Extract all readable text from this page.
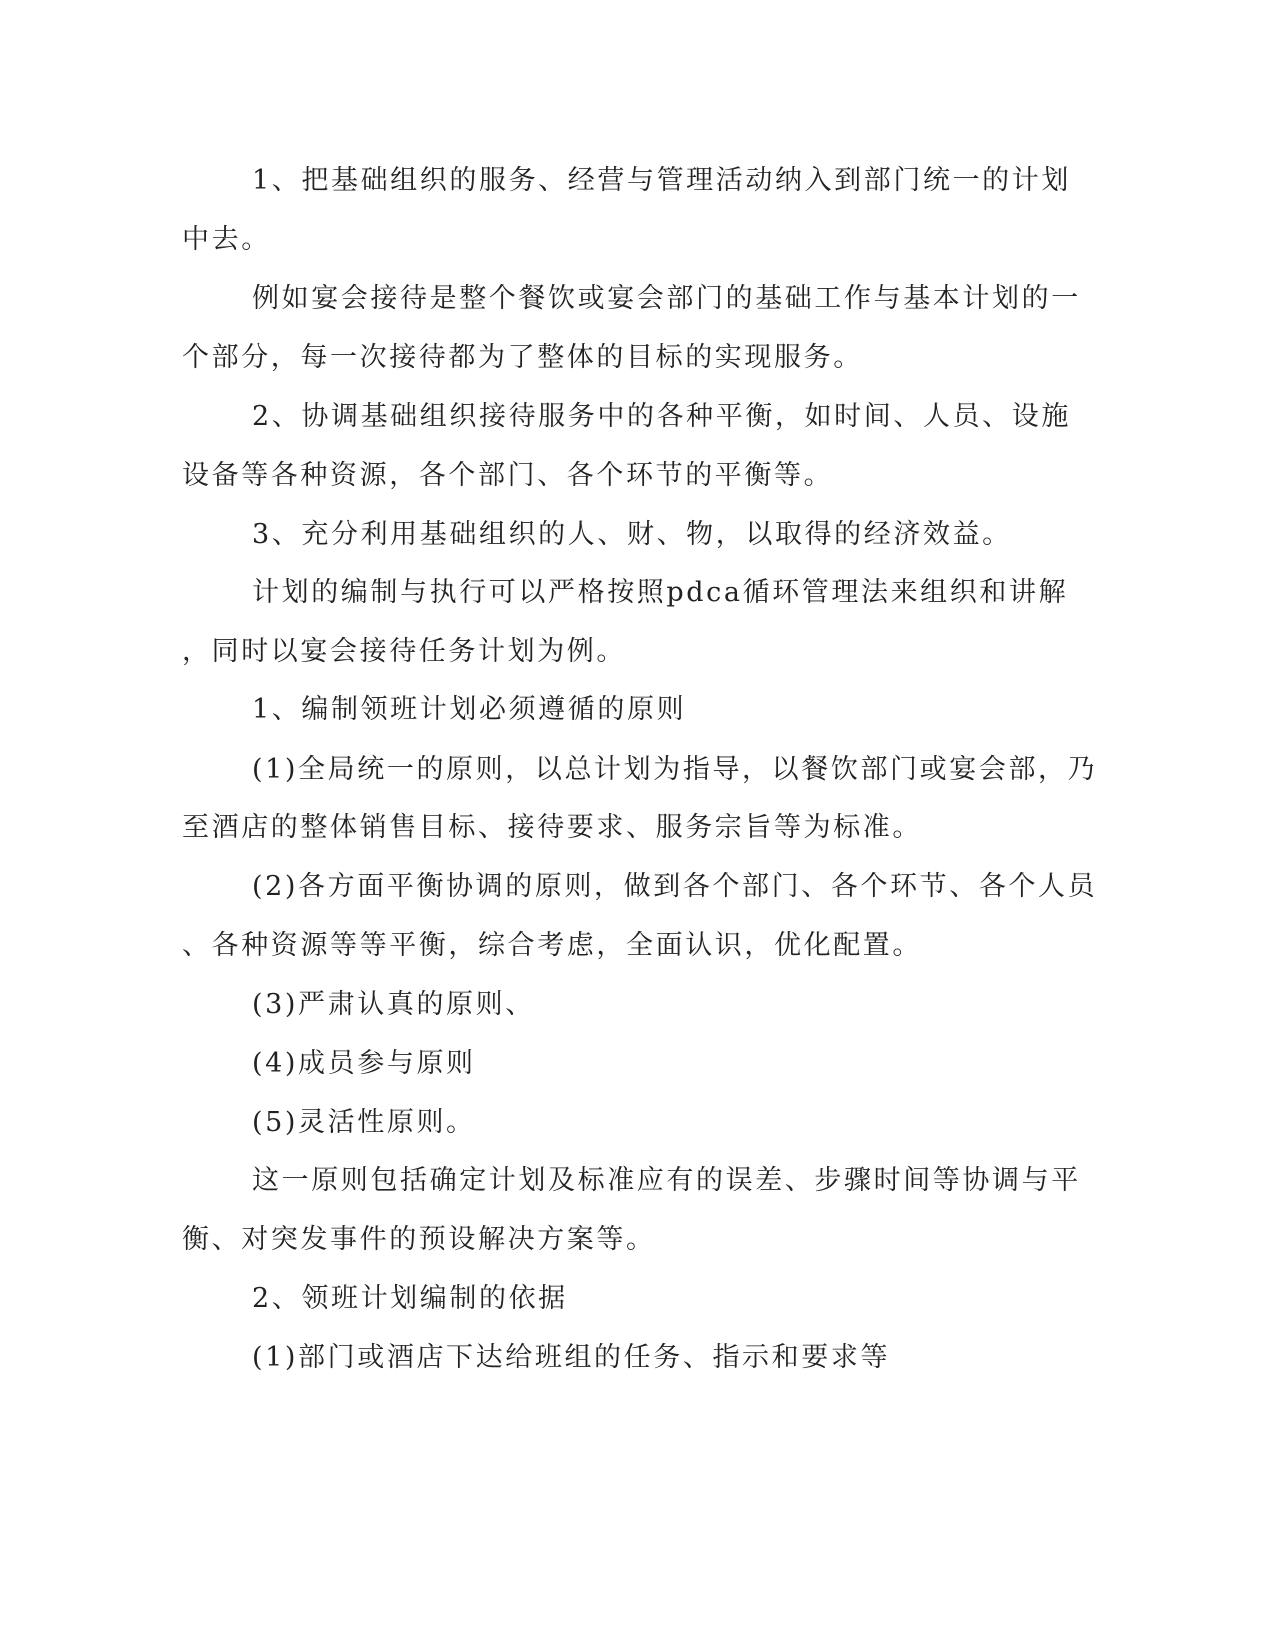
1、把基础组织的服务、经营与管理活动纳入到部门统一的计划
中去。
例如宴会接待是整个餐饮或宴会部门的基础工作与基本计划的一
个部分，每一次接待都为了整体的目标的实现服务。
2、协调基础组织接待服务中的各种平衡，如时间、人员、设施
设备等各种资源，各个部门、各个环节的平衡等。
3、充分利用基础组织的人、财、物，以取得的经济效益。
计划的编制与执行可以严格按照pdca循环管理法来组织和讲解
，同时以宴会接待任务计划为例。
1、编制领班计划必须遵循的原则
(1)全局统一的原则，以总计划为指导，以餐饮部门或宴会部，乃
至酒店的整体销售目标、接待要求、服务宗旨等为标准。
(2)各方面平衡协调的原则，做到各个部门、各个环节、各个人员
、各种资源等等平衡，综合考虑，全面认识，优化配置。
(3)严肃认真的原则、
(4)成员参与原则
(5)灵活性原则。
这一原则包括确定计划及标准应有的误差、步骤时间等协调与平
衡、对突发事件的预设解决方案等。
2、领班计划编制的依据
(1)部门或酒店下达给班组的任务、指示和要求等
